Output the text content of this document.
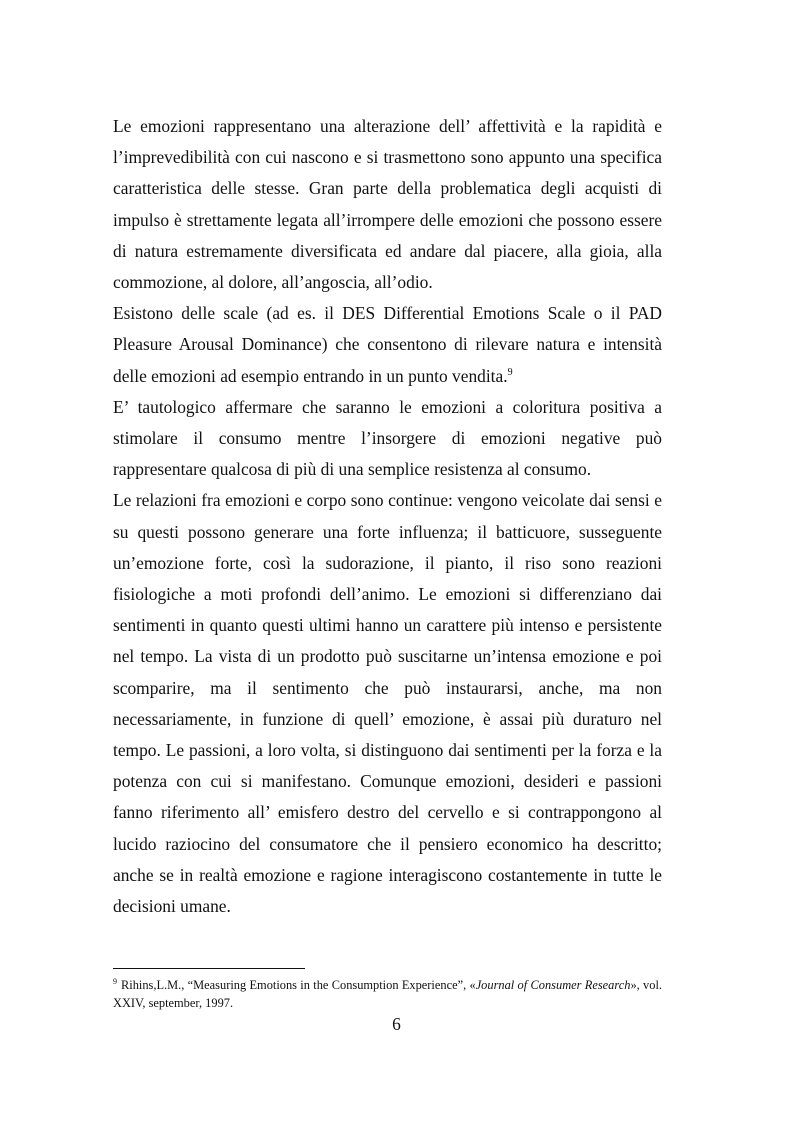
Le emozioni rappresentano una alterazione dell’ affettività e la rapidità e l’imprevedibilità con cui nascono e si trasmettono sono appunto una specifica caratteristica delle stesse. Gran parte della problematica degli acquisti di impulso è strettamente legata all’irrompere delle emozioni che possono essere di natura estremamente diversificata ed andare dal piacere, alla gioia, alla commozione, al dolore, all’angoscia, all’odio.

Esistono delle scale (ad es. il DES Differential Emotions Scale o il PAD Pleasure Arousal Dominance) che consentono di rilevare natura e intensità delle emozioni ad esempio entrando in un punto vendita.$^9$

E’ tautologico affermare che saranno le emozioni a coloritura positiva a stimolare il consumo mentre l’insorgere di emozioni negative può rappresentare qualcosa di più di una semplice resistenza al consumo.

Le relazioni fra emozioni e corpo sono continue: vengono veicolate dai sensi e su questi possono generare una forte influenza; il batticuore, susseguente un’emozione forte, così la sudorazione, il pianto, il riso sono reazioni fisiologiche a moti profondi dell’animo. Le emozioni si differenziano dai sentimenti in quanto questi ultimi hanno un carattere più intenso e persistente nel tempo. La vista di un prodotto può suscitarne un’intensa emozione e poi scomparire, ma il sentimento che può instaurarsi, anche, ma non necessariamente, in funzione di quell’ emozione, è assai più duraturo nel tempo. Le passioni, a loro volta, si distinguono dai sentimenti per la forza e la potenza con cui si manifestano. Comunque emozioni, desideri e passioni fanno riferimento all’ emisfero destro del cervello e si contrappongono al lucido raziocino del consumatore che il pensiero economico ha descritto; anche se in realtà emozione e ragione interagiscono costantemente in tutte le decisioni umane.

$^9$ Rihins,L.M., “Measuring Emotions in the Consumption Experience”, «Journal of Consumer Research», vol. XXIV, september, 1997.
6
